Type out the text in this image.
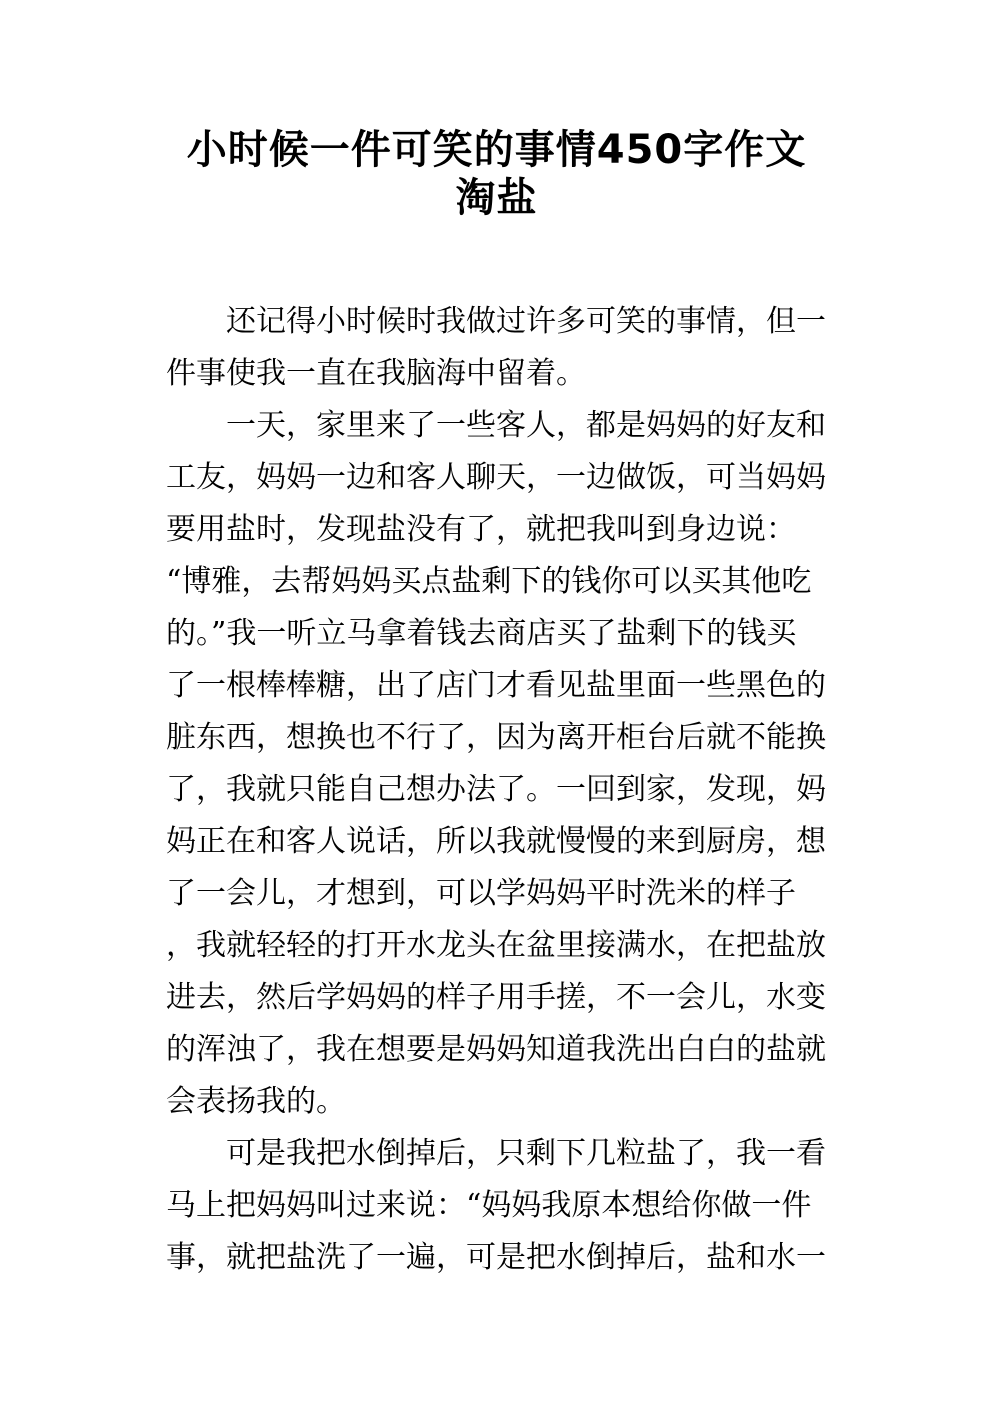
小时候一件可笑的事情450字作文
淘盐

还记得小时候时我做过许多可笑的事情，但一

件事使我一直在我脑海中留着。

一天，家里来了一些客人，都是妈妈的好友和

工友，妈妈一边和客人聊天，一边做饭，可当妈妈

要用盐时，发现盐没有了，就把我叫到身边说：

“博雅，去帮妈妈买点盐剩下的钱你可以买其他吃

的。”我一听立马拿着钱去商店买了盐剩下的钱买

了一根棒棒糖，出了店门才看见盐里面一些黑色的

脏东西，想换也不行了，因为离开柜台后就不能换

了，我就只能自己想办法了。一回到家，发现，妈

妈正在和客人说话，所以我就慢慢的来到厨房，想

了一会儿，才想到，可以学妈妈平时洗米的样子

，我就轻轻的打开水龙头在盆里接满水，在把盐放

进去，然后学妈妈的样子用手搓，不一会儿，水变

的浑浊了，我在想要是妈妈知道我洗出白白的盐就

会表扬我的。

可是我把水倒掉后，只剩下几粒盐了，我一看

马上把妈妈叫过来说：“妈妈我原本想给你做一件

事，就把盐洗了一遍，可是把水倒掉后，盐和水一
